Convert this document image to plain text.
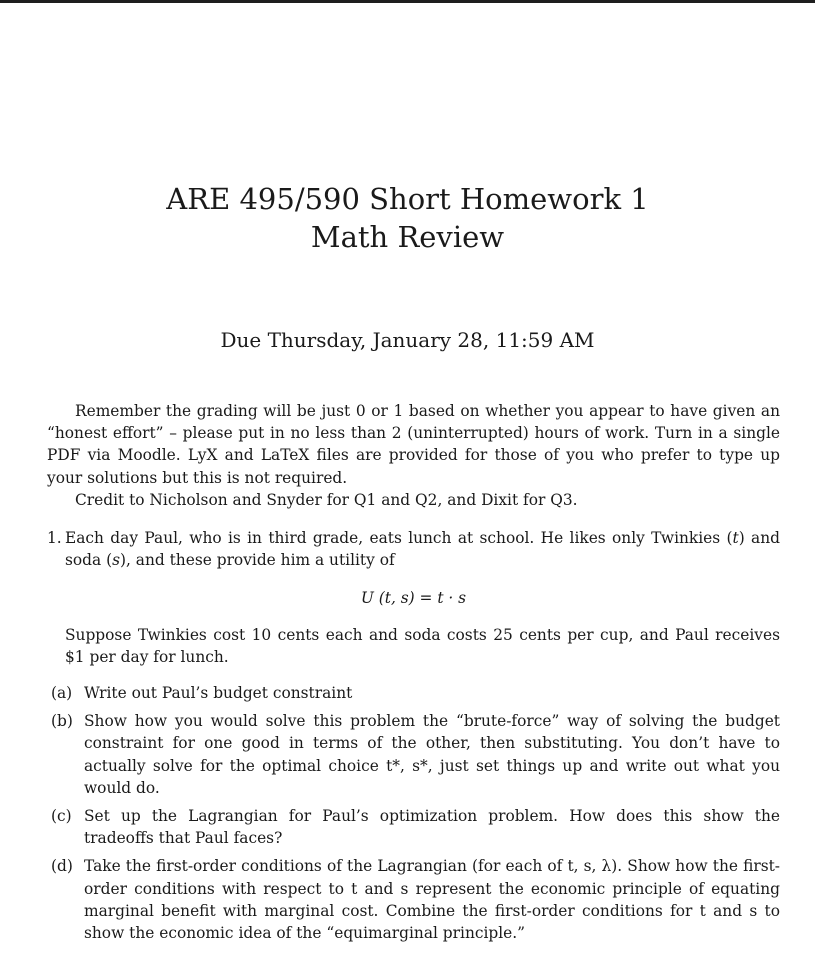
ARE 495/590 Short Homework 1
Math Review
Due Thursday, January 28, 11:59 AM

Remember the grading will be just 0 or 1 based on whether you appear to have given an “honest effort” – please put in no less than 2 (uninterrupted) hours of work. Turn in a single PDF via Moodle. LyX and LaTeX files are provided for those of you who prefer to type up your solutions but this is not required.

Credit to Nicholson and Snyder for Q1 and Q2, and Dixit for Q3.

1. Each day Paul, who is in third grade, eats lunch at school. He likes only Twinkies (t) and soda (s), and these provide him a utility of

U (t, s) = t · s

Suppose Twinkies cost 10 cents each and soda costs 25 cents per cup, and Paul receives $1 per day for lunch.

(a) Write out Paul’s budget constraint

(b) Show how you would solve this problem the “brute-force” way of solving the budget constraint for one good in terms of the other, then substituting. You don’t have to actually solve for the optimal choice t*, s*, just set things up and write out what you would do.

(c) Set up the Lagrangian for Paul’s optimization problem. How does this show the tradeoffs that Paul faces?

(d) Take the first-order conditions of the Lagrangian (for each of t, s, λ). Show how the first-order conditions with respect to t and s represent the economic principle of equating marginal benefit with marginal cost. Combine the first-order conditions for t and s to show the economic idea of the “equimarginal principle.”
